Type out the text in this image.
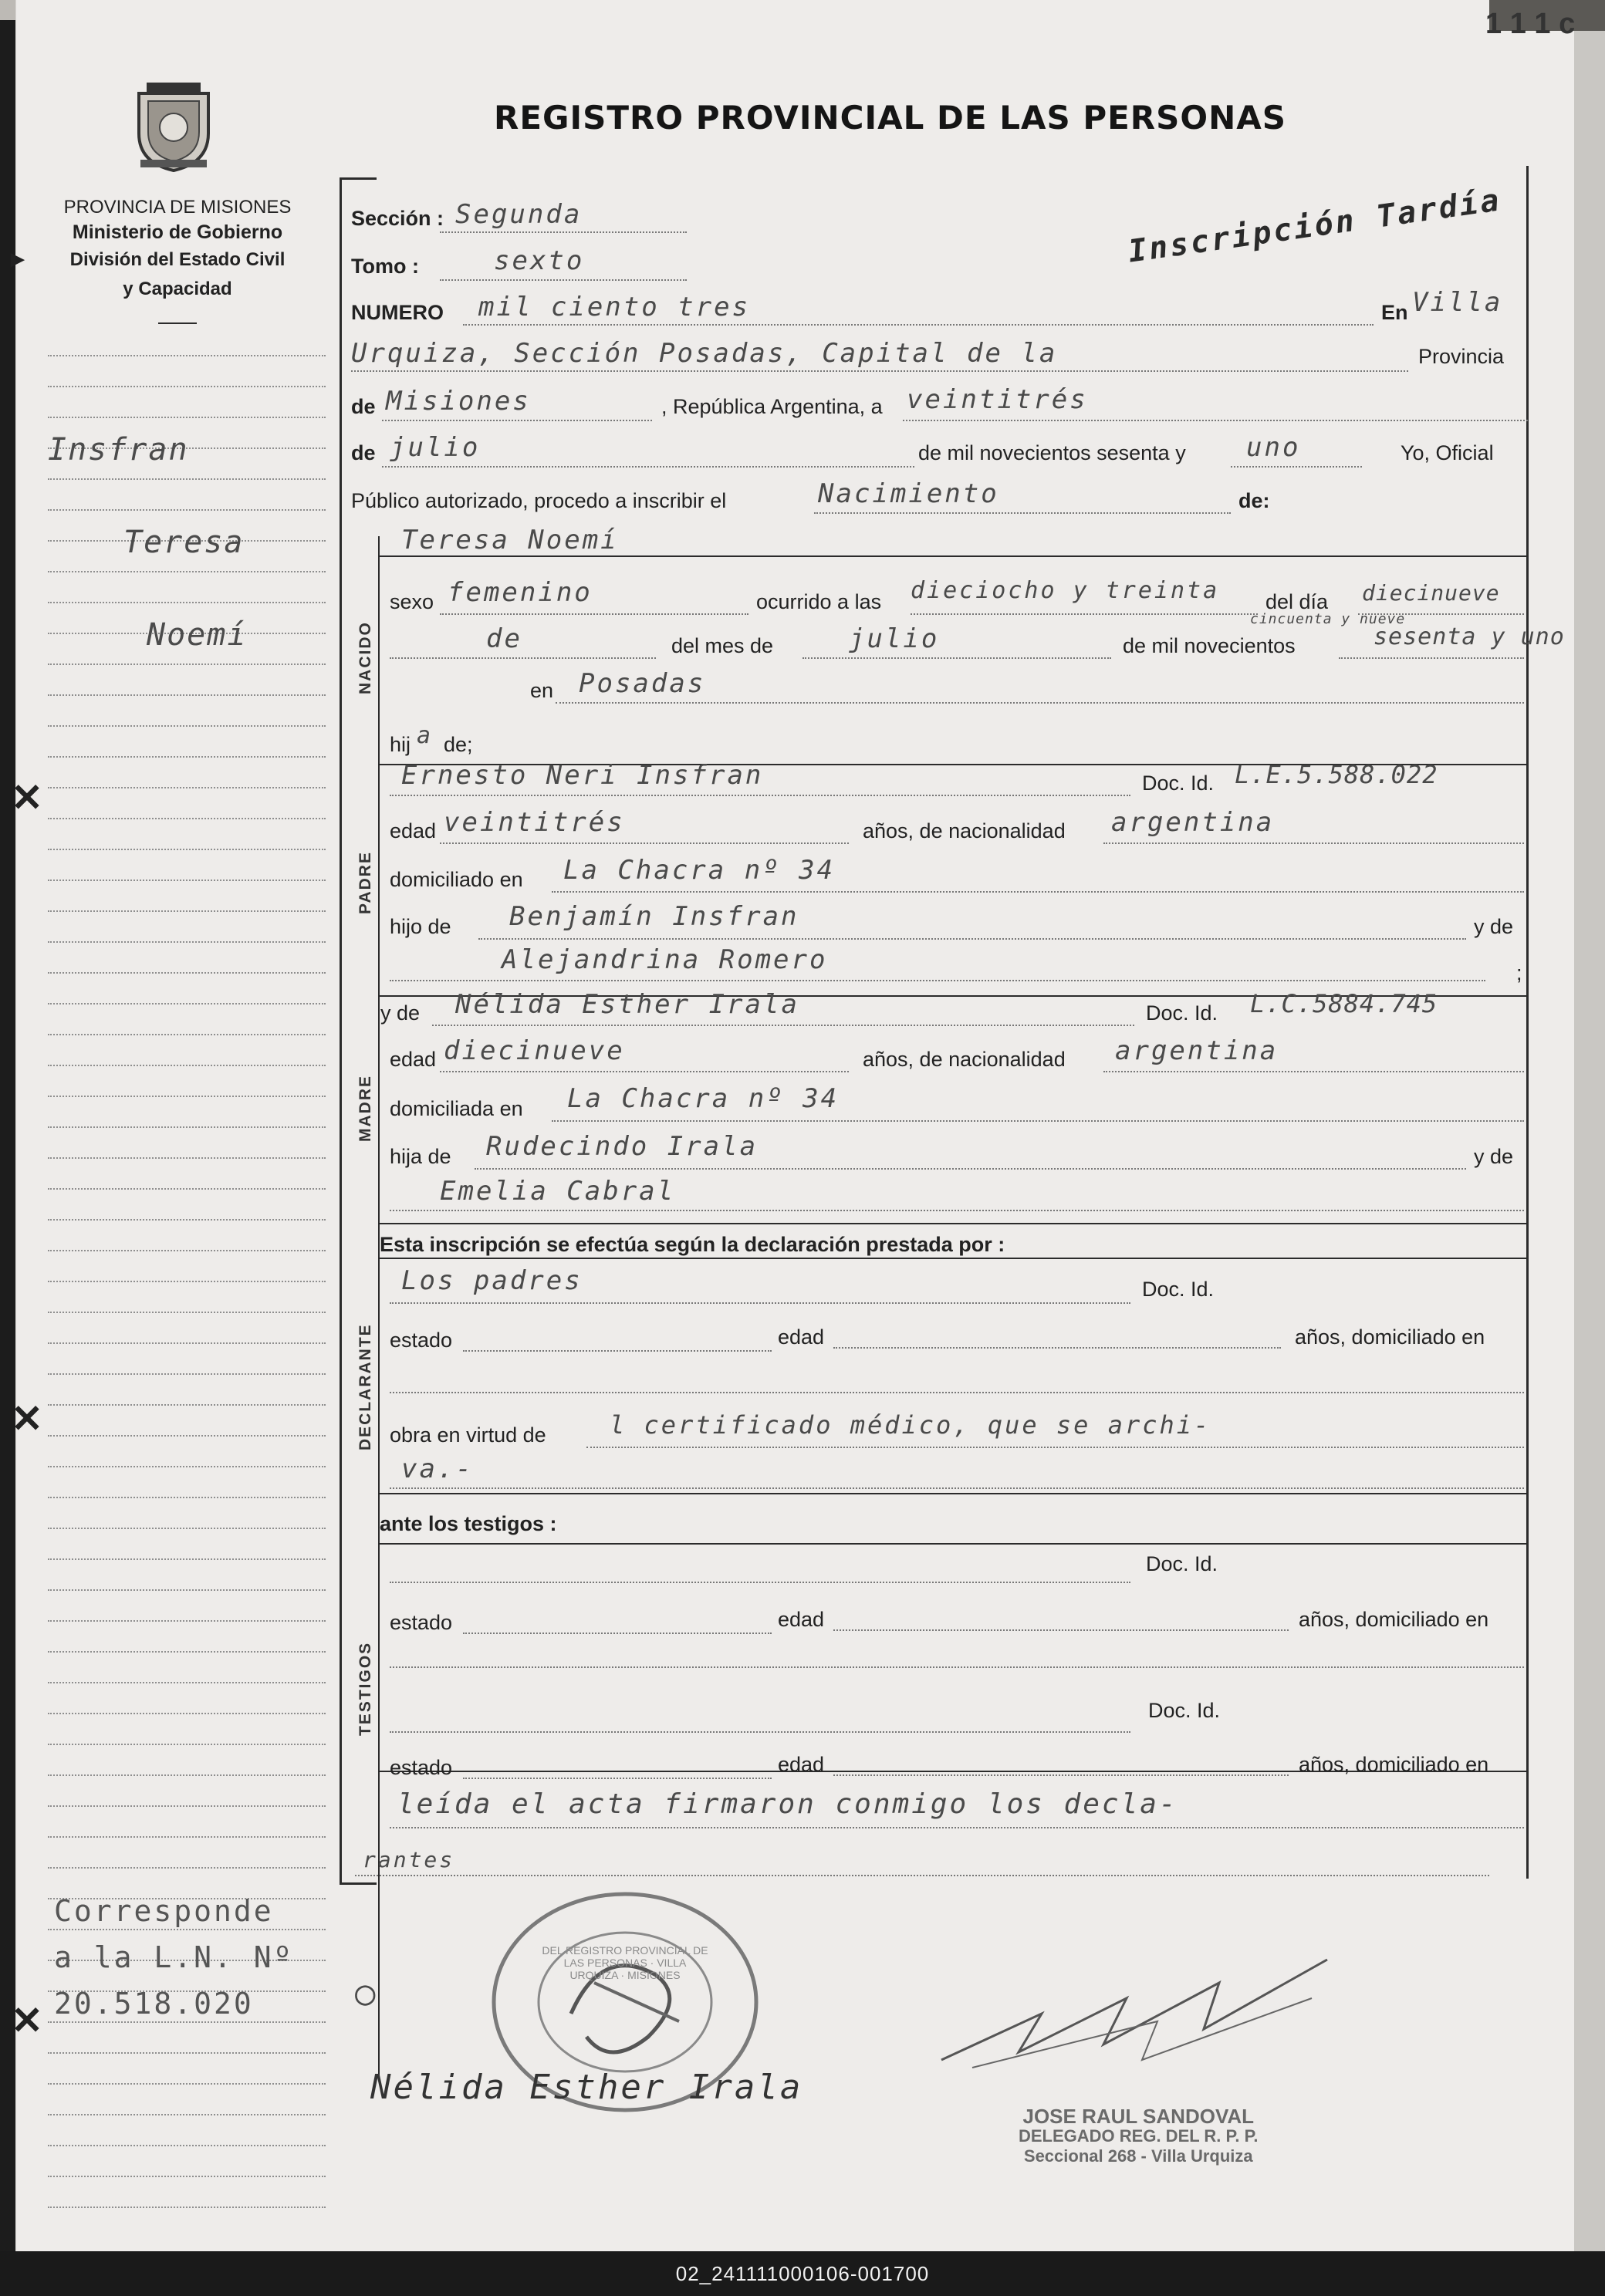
1 1 1 c
PROVINCIA DE MISIONES
Ministerio de Gobierno
División del Estado Civil
y Capacidad
Insfran
Teresa
Noemí
Corresponde
a la L.N. Nº
20.518.020
✕
✕
✕
▸
NACIDO
PADRE
MADRE
DECLARANTE
TESTIGOS
REGISTRO PROVINCIAL DE LAS PERSONAS
Inscripción Tardía
Sección : Segunda
Tomo :	sexto
NUMERO mil ciento tres	En Villa
Urquiza, Sección Posadas, Capital de la	Provincia
de Misiones	, República Argentina, a veintitrés
de julio	de mil novecientos sesenta y uno	Yo, Oficial
Público autorizado, procedo a inscribir el	Nacimiento	de:
Teresa Noemí
sexo femenino	ocurrido a las dieciocho y treinta del día diecinueve
de	del mes de	julio	de mil novecientos
cincuenta y nueve
sesenta y uno
en Posadas
hij a de;
Ernesto Neri Insfran	Doc. Id. L.E.5.588.022
edad veintitrés	años, de nacionalidad argentina
domiciliado en La Chacra nº 34
hijo de Benjamín Insfran	y de
Alejandrina Romero	;
y de Nélida Esther Irala	Doc. Id. L.C.5884.745
edad diecinueve	años, de nacionalidad argentina
domiciliada en La Chacra nº 34
hija de Rudecindo Irala	y de
Emelia Cabral
Esta inscripción se efectúa según la declaración prestada por :
Los padres	Doc. Id.
estado	edad	años, domiciliado en
obra en virtud de	l certificado médico, que se archi-
va.-
ante los testigos :
Doc. Id.
estado	edad	años, domiciliado en
Doc. Id.
estado	edad	años, domiciliado en
leída el acta firmaron conmigo los decla-
rantes
DEL REGISTRO PROVINCIAL DE LAS PERSONAS · VILLA URQUIZA · MISIONES
○
Nélida Esther Irala
JOSE RAUL SANDOVAL
DELEGADO REG. DEL R. P. P.
Seccional 268 - Villa Urquiza
02_241111000106-001700
